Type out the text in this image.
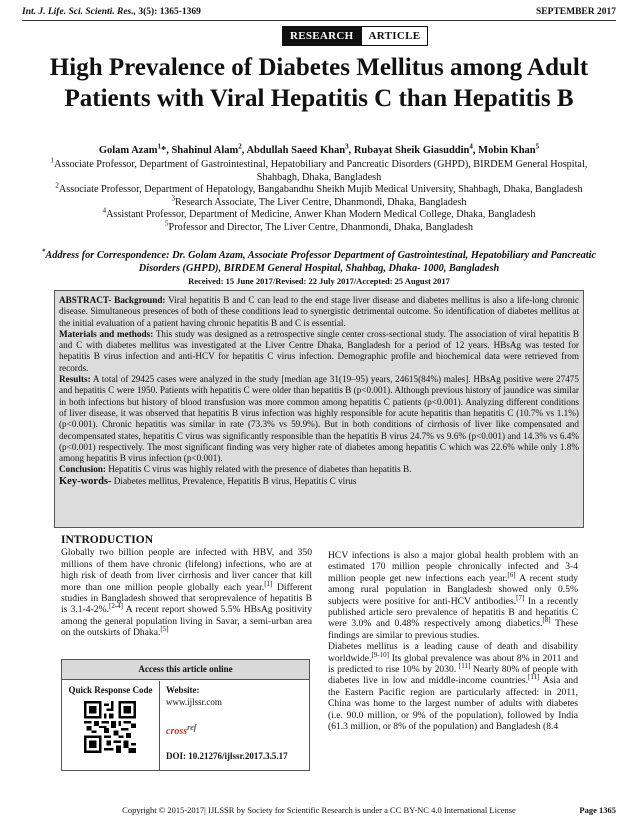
Int. J. Life. Sci. Scienti. Res., 3(5): 1365-1369	SEPTEMBER 2017
RESEARCH	ARTICLE
High Prevalence of Diabetes Mellitus among Adult Patients with Viral Hepatitis C than Hepatitis B
Golam Azam$^1$*, Shahinul Alam$^2$, Abdullah Saeed Khan$^3$, Rubayat Sheik Giasuddin$^4$, Mobin Khan$^5$
$^1$Associate Professor, Department of Gastrointestinal, Hepatobiliary and Pancreatic Disorders (GHPD), BIRDEM General Hospital, Shahbagh, Dhaka, Bangladesh
$^2$Associate Professor, Department of Hepatology, Bangabandhu Sheikh Mujib Medical University, Shahbagh, Dhaka, Bangladesh
$^3$Research Associate, The Liver Centre, Dhanmondi, Dhaka, Bangladesh
$^4$Assistant Professor, Department of Medicine, Anwer Khan Modern Medical College, Dhaka, Bangladesh
$^5$Professor and Director, The Liver Centre, Dhanmondi, Dhaka, Bangladesh
*Address for Correspondence: Dr. Golam Azam, Associate Professor Department of Gastrointestinal, Hepatobiliary and Pancreatic Disorders (GHPD), BIRDEM General Hospital, Shahbag, Dhaka- 1000, Bangladesh
Received: 15 June 2017/Revised: 22 July 2017/Accepted: 25 August 2017

ABSTRACT- Background: Viral hepatitis B and C can lead to the end stage liver disease and diabetes mellitus is also a life-long chronic disease. Simultaneous presences of both of these conditions lead to synergistic detrimental outcome. So identification of diabetes mellitus at the initial evaluation of a patient having chronic hepatitis B and C is essential.

Materials and methods: This study was designed as a retrospective single center cross-sectional study. The association of viral hepatitis B and C with diabetes mellitus was investigated at the Liver Centre Dhaka, Bangladesh for a period of 12 years. HBsAg was tested for hepatitis B virus infection and anti-HCV for hepatitis C virus infection. Demographic profile and biochemical data were retrieved from records.

Results: A total of 29425 cases were analyzed in the study [median age 31(19–95) years, 24615(84%) males]. HBsAg positive were 27475 and hepatitis C were 1950. Patients with hepatitis C were older than hepatitis B (p<0.001). Although previous history of jaundice was similar in both infections but history of blood transfusion was more common among hepatitis C patients (p<0.001). Analyzing different conditions of liver disease, it was observed that hepatitis B virus infection was highly responsible for acute hepatitis than hepatitis C (10.7% vs 1.1%) (p<0.001). Chronic hepatitis was similar in rate (73.3% vs 59.9%). But in both conditions of cirrhosis of liver like compensated and decompensated states, hepatitis C virus was significantly responsible than the hepatitis B virus 24.7% vs 9.6% (p<0.001) and 14.3% vs 6.4% (p<0.001) respectively. The most significant finding was very higher rate of diabetes among hepatitis C which was 22.6% while only 1.8% among hepatitis B virus infection (p<0.001).

Conclusion: Hepatitis C virus was highly related with the presence of diabetes than hepatitis B.

Key-words- Diabetes mellitus, Prevalence, Hepatitis B virus, Hepatitis C virus

INTRODUCTION

Globally two billion people are infected with HBV, and 350 millions of them have chronic (lifelong) infections, who are at high risk of death from liver cirrhosis and liver cancer that kill more than one million people globally each year.[1] Different studies in Bangladesh showed that seroprevalence of hepatitis B is 3.1-4-2%.[2-4] A recent report showed 5.5% HBsAg positivity among the general population living in Savar, a semi-urban area on the outskirts of Dhaka.[5]

Access this article online
Quick Response Code	Website:
www.ijlssr.com
cross$^{ref}$
DOI: 10.21276/ijlssr.2017.3.5.17

HCV infections is also a major global health problem with an estimated 170 million people chronically infected and 3-4 million people get new infections each year.[6] A recent study among rural population in Bangladesh showed only 0.5% subjects were positive for anti-HCV antibodies.[7] In a recently published article sero prevalence of hepatitis B and hepatitis C were 3.0% and 0.48% respectively among diabetics.[8] These findings are similar to previous studies.

Diabetes mellitus is a leading cause of death and disability worldwide.[9-10] Its global prevalence was about 8% in 2011 and is predicted to rise 10% by 2030. [11] Nearly 80% of people with diabetes live in low and middle-income countries.[11] Asia and the Eastern Pacific region are particularly affected: in 2011, China was home to the largest number of adults with diabetes (i.e. 90.0 million, or 9% of the population), followed by India (61.3 million, or 8% of the population) and Bangladesh (8.4

Copyright © 2015-2017| IJLSSR by Society for Scientific Research is under a CC BY-NC 4.0 International License	Page 1365
